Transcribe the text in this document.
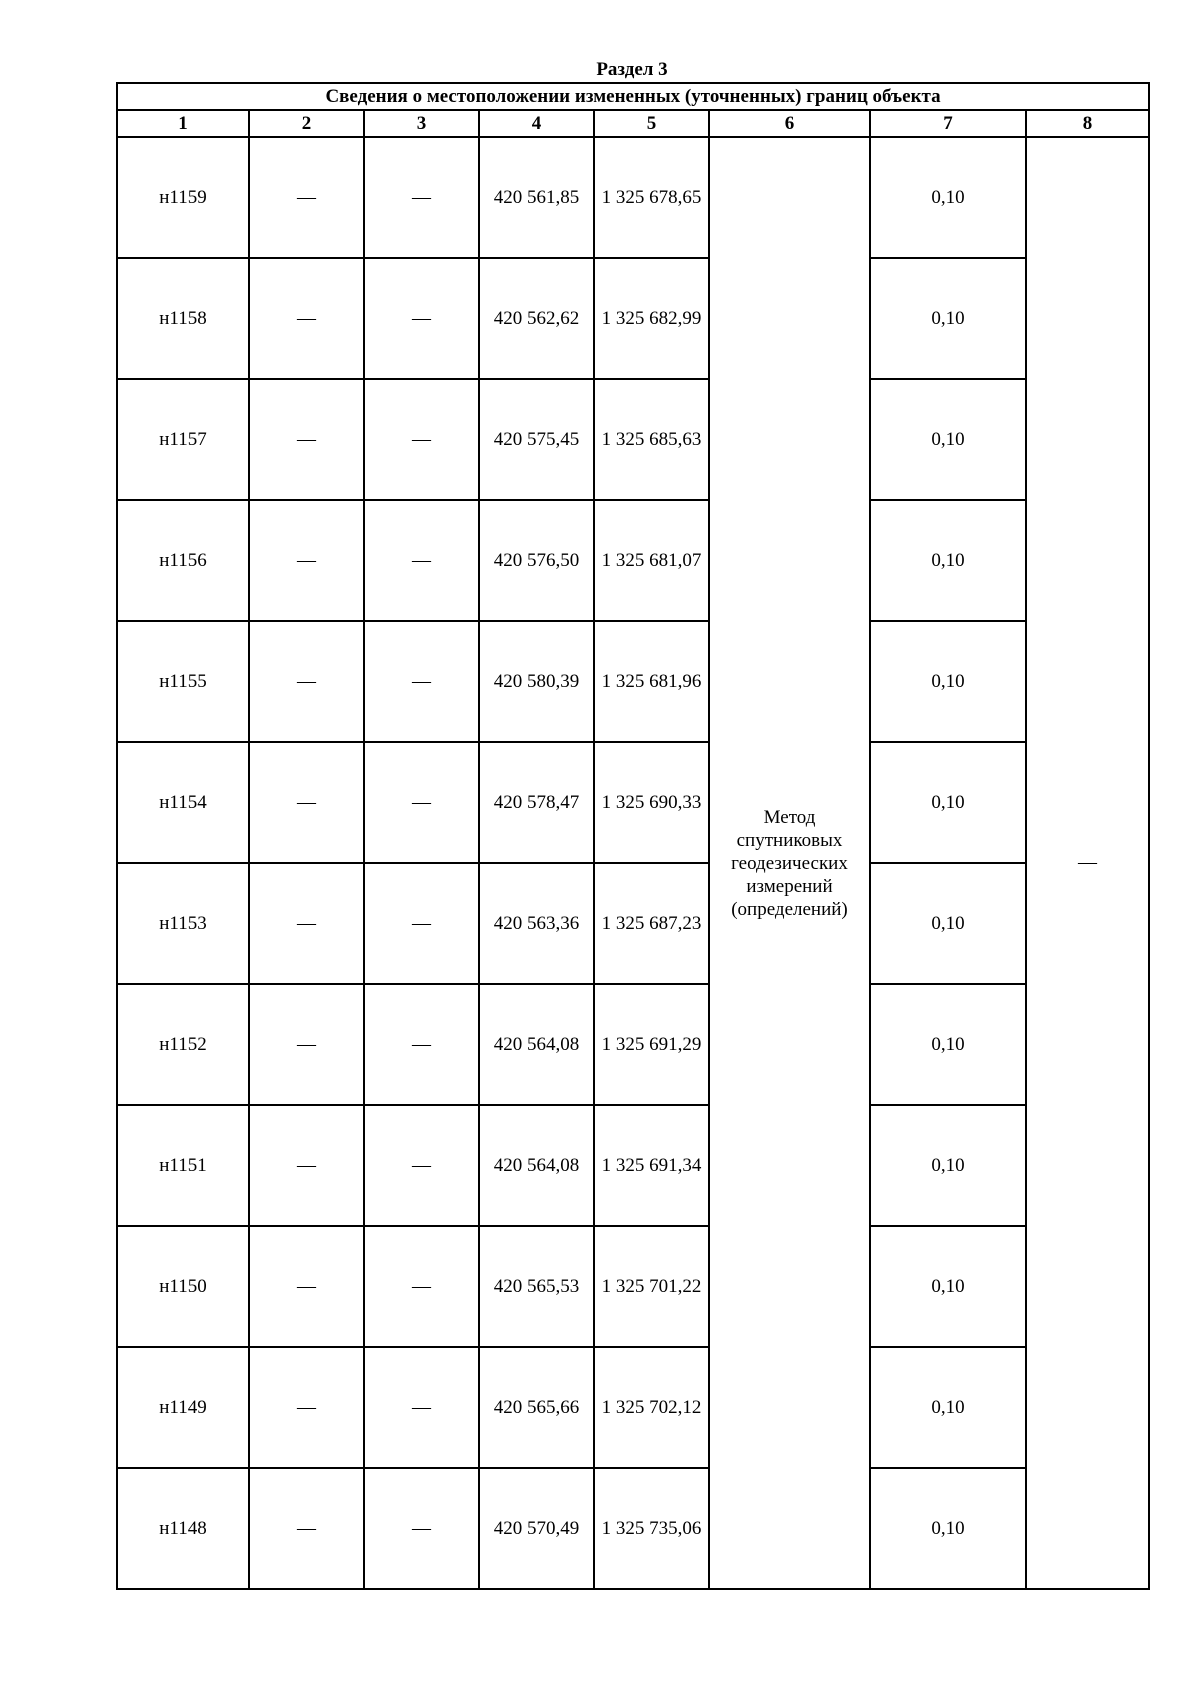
Раздел 3
Сведения о местоположении измененных (уточненных) границ объекта							
1	2	3	4	5	6	7	8
н1159	—	—	420 561,85	1 325 678,65	Метод спутниковых геодезических измерений (определений)	0,10	—
н1158	—	—	420 562,62	1 325 682,99		0,10	
н1157	—	—	420 575,45	1 325 685,63		0,10	
н1156	—	—	420 576,50	1 325 681,07		0,10	
н1155	—	—	420 580,39	1 325 681,96		0,10	
н1154	—	—	420 578,47	1 325 690,33		0,10	
н1153	—	—	420 563,36	1 325 687,23		0,10	
н1152	—	—	420 564,08	1 325 691,29		0,10	
н1151	—	—	420 564,08	1 325 691,34		0,10	
н1150	—	—	420 565,53	1 325 701,22		0,10	
н1149	—	—	420 565,66	1 325 702,12		0,10	
н1148	—	—	420 570,49	1 325 735,06		0,10	
